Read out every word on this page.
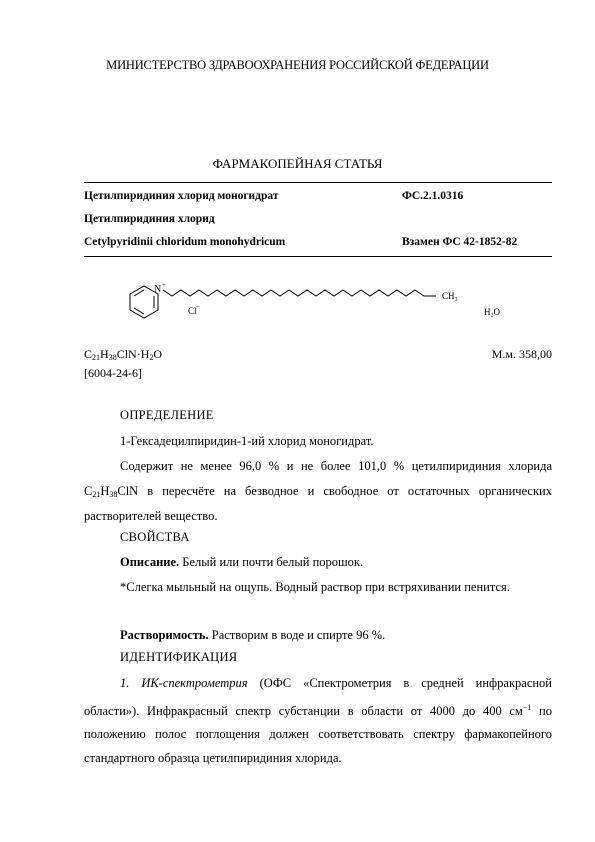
МИНИСТЕРСТВО ЗДРАВООХРАНЕНИЯ РОССИЙСКОЙ ФЕДЕРАЦИИ
ФАРМАКОПЕЙНАЯ СТАТЬЯ
Цетилпиридиния хлорид моногидрат	ФС.2.1.0316
Цетилпиридиния хлорид
Cetylpyridinii chloridum monohydricum	Взамен ФС 42-1852-82
N +
Cl −
$CH_3$
$H_2O$
$C_{21}H_{38}ClN\cdot H_2O$	М.м. 358,00
[6004-24-6]
ОПРЕДЕЛЕНИЕ
1-Гексадецилпиридин-1-ий хлорид моногидрат.
Содержит не менее 96,0 % и не более 101,0 % цетилпиридиния хлорида
$C_{21}H_{38}ClN$ в пересчёте на безводное и свободное от остаточных органических
растворителей вещество.
СВОЙСТВА
Описание. Белый или почти белый порошок.
*Слегка мыльный на ощупь. Водный раствор при встряхивании пенится.
Растворимость. Растворим в воде и спирте 96 %.
ИДЕНТИФИКАЦИЯ
1. ИК-спектрометрия (ОФС «Спектрометрия в средней инфракрасной области»). Инфракрасный спектр субстанции в области от 4000 до 400 $см^{-1}$ по положению полос поглощения должен соответствовать спектру фармакопейного стандартного образца цетилпиридиния хлорида.
